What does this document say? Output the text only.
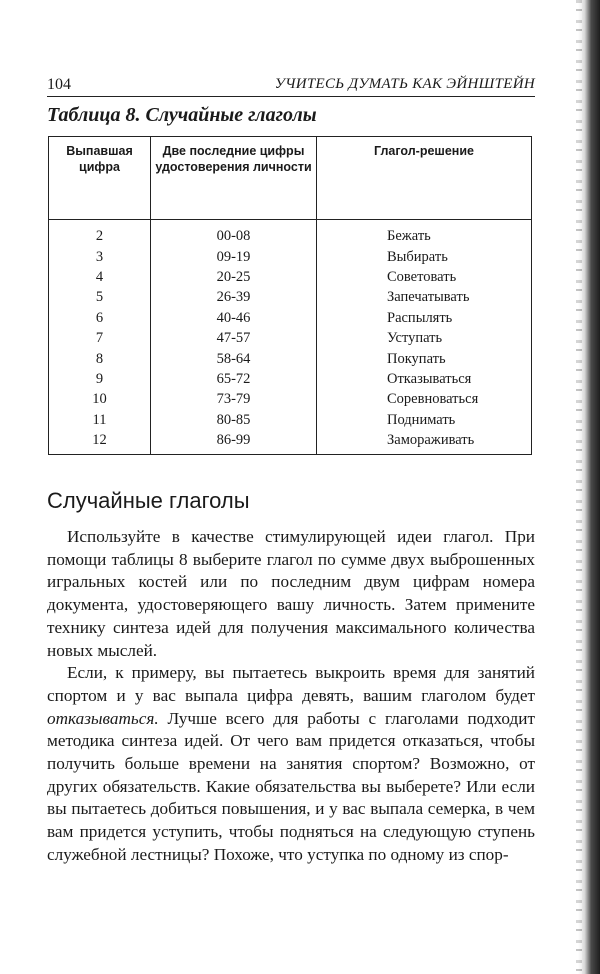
104	УЧИТЕСЬ ДУМАТЬ КАК ЭЙНШТЕЙН

Таблица 8. Случайные глаголы

Выпавшая цифра	Две последние цифры удостоверения личности	Глагол-решение
2	00-08	Бежать
3	09-19	Выбирать
4	20-25	Советовать
5	26-39	Запечатывать
6	40-46	Распылять
7	47-57	Уступать
8	58-64	Покупать
9	65-72	Отказываться
10	73-79	Соревноваться
11	80-85	Поднимать
12	86-99	Замораживать
Случайные глаголы

Используйте в качестве стимулирующей идеи глагол. При помощи таблицы 8 выберите глагол по сумме двух выброшенных игральных костей или по последним двум цифрам номера документа, удостоверяющего вашу личность. Затем примените технику синтеза идей для получения максимального количества новых мыслей.

Если, к примеру, вы пытаетесь выкроить время для занятий спортом и у вас выпала цифра девять, вашим глаголом будет отказываться. Лучше всего для работы с глаголами подходит методика синтеза идей. От чего вам придется отказаться, чтобы получить больше времени на занятия спортом? Возможно, от других обязательств. Какие обязательства вы выберете? Или если вы пытаетесь добиться повышения, и у вас выпала семерка, в чем вам придется уступить, чтобы подняться на следующую ступень служебной лестницы? Похоже, что уступка по одному из спор-
